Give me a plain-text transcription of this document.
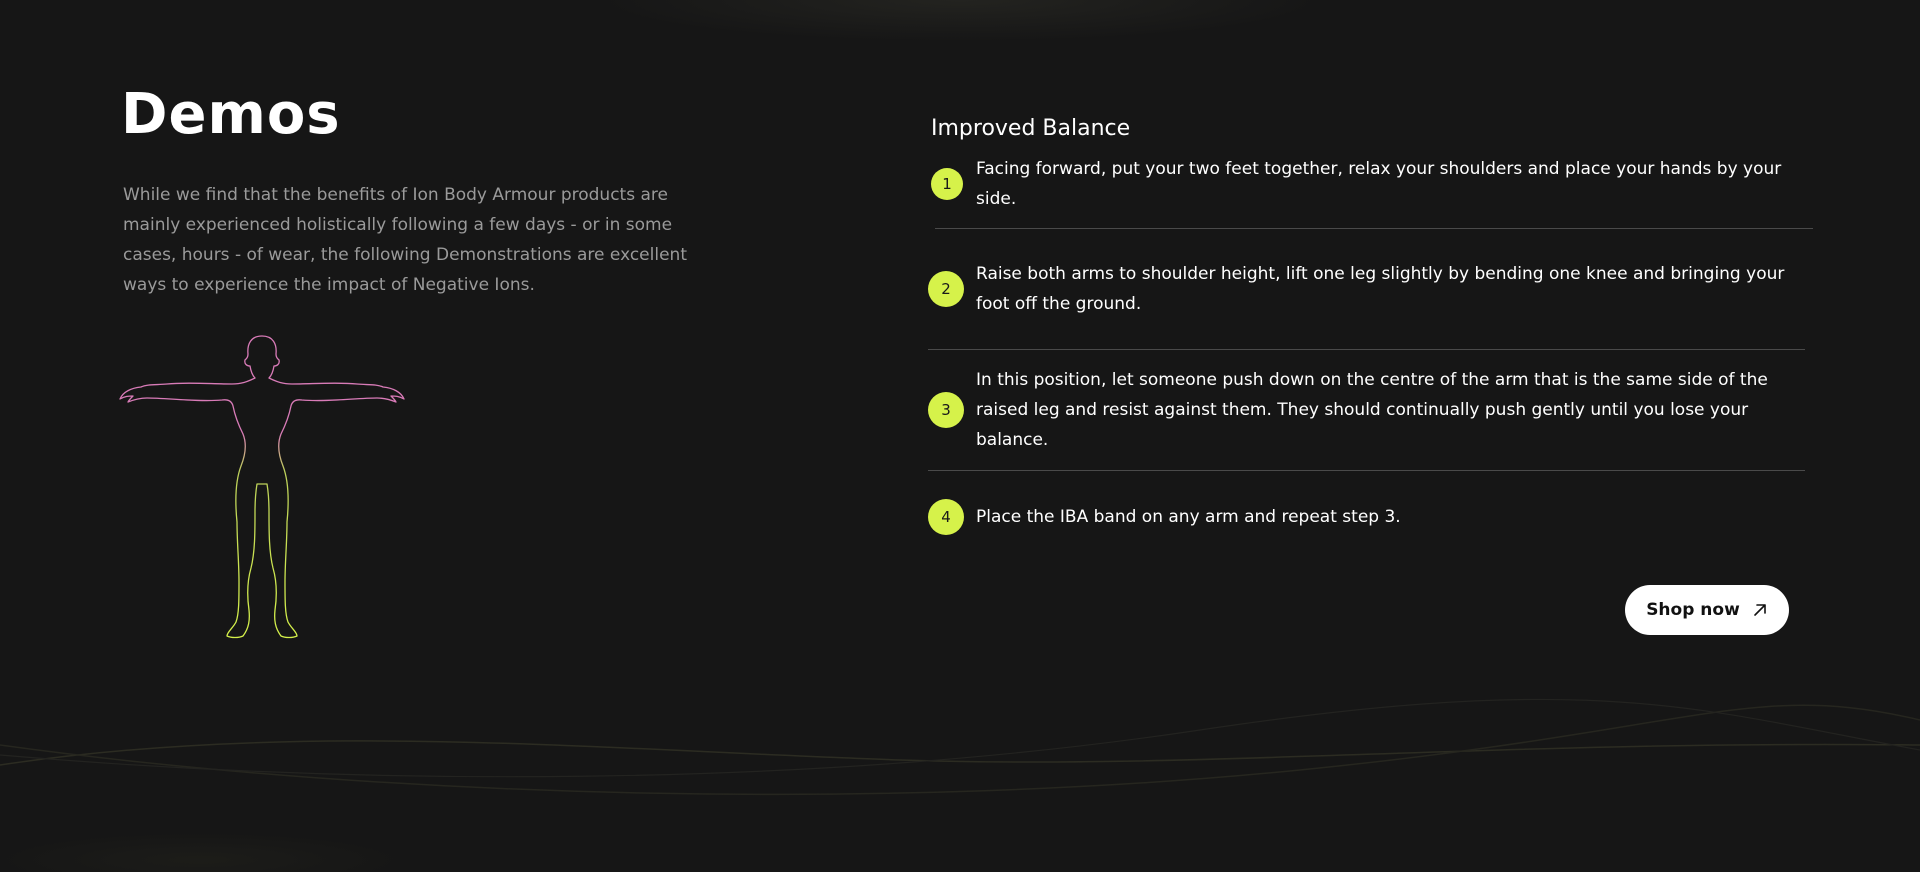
Demos

While we find that the benefits of Ion Body Armour products are mainly experienced holistically following a few days - or in some cases, hours - of wear, the following Demonstrations are excellent ways to experience the impact of Negative Ions.

Improved Balance
1
Facing forward, put your two feet together, relax your shoulders and place your hands by your side.
2
Raise both arms to shoulder height, lift one leg slightly by bending one knee and bringing your foot off the ground.
3
In this position, let someone push down on the centre of the arm that is the same side of the raised leg and resist against them. They should continually push gently until you lose your balance.
4	Place the IBA band on any arm and repeat step 3.
Shop now
